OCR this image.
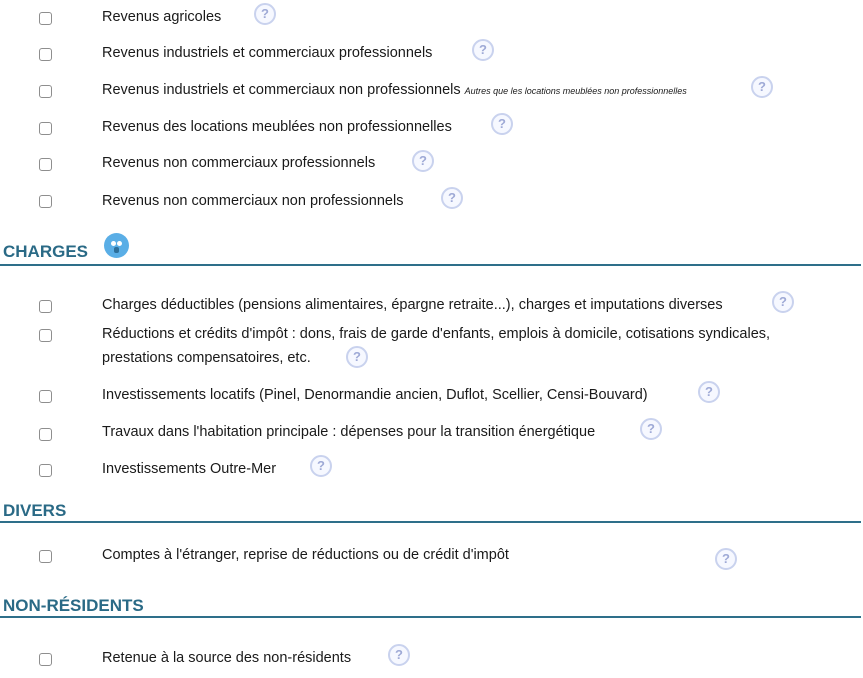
Revenus agricoles	?
Revenus industriels et commerciaux professionnels	?
Revenus industriels et commerciaux non professionnels Autres que les locations meublées non professionnelles	?
Revenus des locations meublées non professionnelles	?
Revenus non commerciaux professionnels	?
Revenus non commerciaux non professionnels	?
CHARGES
Charges déductibles (pensions alimentaires, épargne retraite...), charges et imputations diverses	?
Réductions et crédits d'impôt : dons, frais de garde d'enfants, emplois à domicile, cotisations syndicales, prestations compensatoires, etc.	?
Investissements locatifs (Pinel, Denormandie ancien, Duflot, Scellier, Censi-Bouvard)	?
Travaux dans l'habitation principale : dépenses pour la transition énergétique	?
Investissements Outre-Mer	?
DIVERS
Comptes à l'étranger, reprise de réductions ou de crédit d'impôt	?
NON-RÉSIDENTS
Retenue à la source des non-résidents	?
